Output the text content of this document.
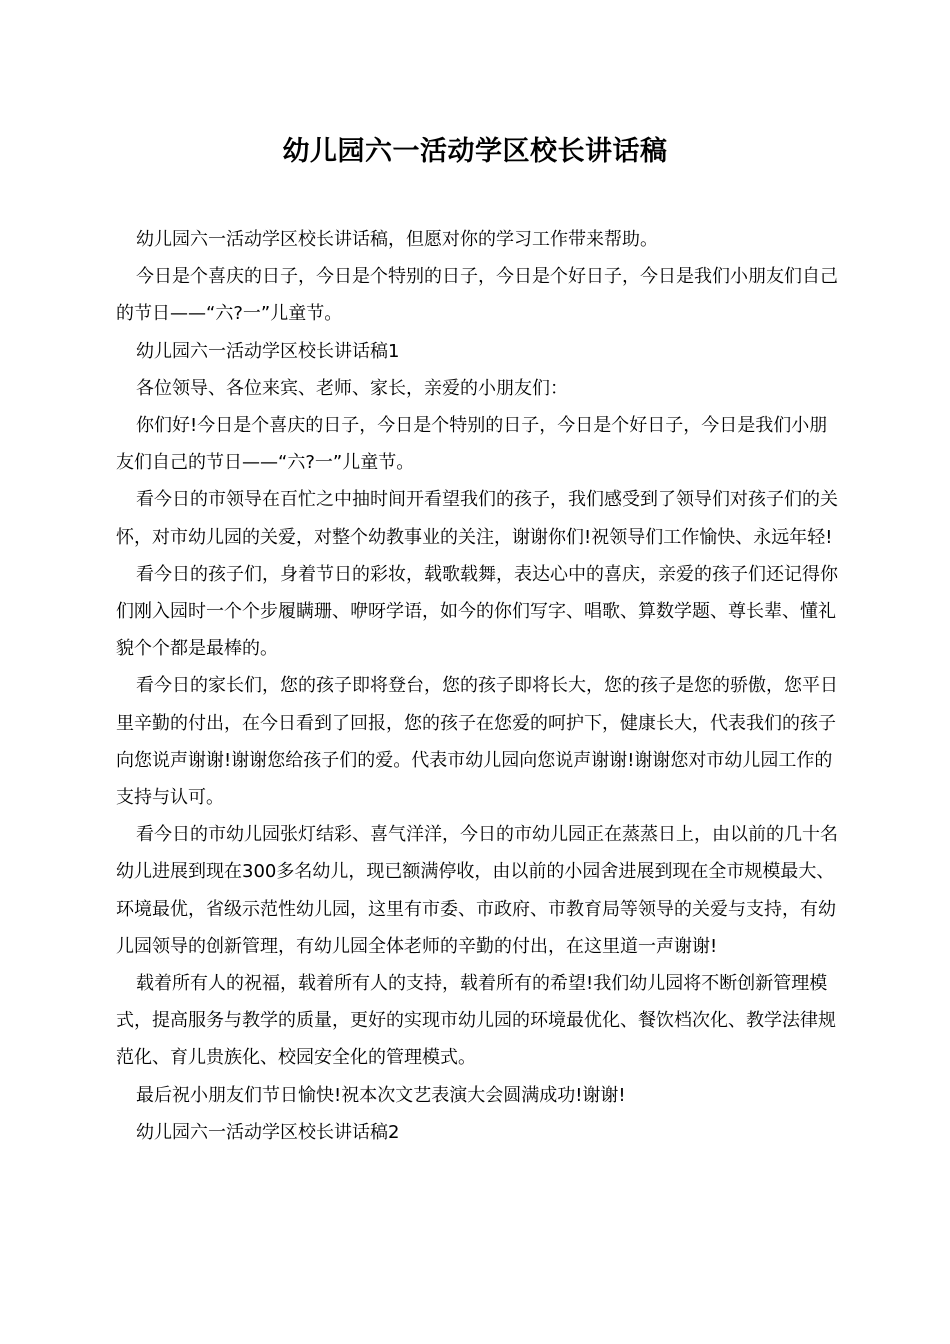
幼儿园六一活动学区校长讲话稿

幼儿园六一活动学区校长讲话稿，但愿对你的学习工作带来帮助。

今日是个喜庆的日子，今日是个特别的日子，今日是个好日子，今日是我们小朋友们自己的节日——“六?一”儿童节。

幼儿园六一活动学区校长讲话稿1

各位领导、各位来宾、老师、家长，亲爱的小朋友们：

你们好!今日是个喜庆的日子，今日是个特别的日子，今日是个好日子，今日是我们小朋友们自己的节日——“六?一”儿童节。

看今日的市领导在百忙之中抽时间开看望我们的孩子，我们感受到了领导们对孩子们的关怀，对市幼儿园的关爱，对整个幼教事业的关注，谢谢你们!祝领导们工作愉快、永远年轻!

看今日的孩子们，身着节日的彩妆，载歌载舞，表达心中的喜庆，亲爱的孩子们还记得你们刚入园时一个个步履瞒珊、咿呀学语，如今的你们写字、唱歌、算数学题、尊长辈、懂礼貌个个都是最棒的。

看今日的家长们，您的孩子即将登台，您的孩子即将长大，您的孩子是您的骄傲，您平日里辛勤的付出，在今日看到了回报，您的孩子在您爱的呵护下，健康长大，代表我们的孩子向您说声谢谢!谢谢您给孩子们的爱。代表市幼儿园向您说声谢谢!谢谢您对市幼儿园工作的支持与认可。

看今日的市幼儿园张灯结彩、喜气洋洋，今日的市幼儿园正在蒸蒸日上，由以前的几十名幼儿进展到现在300多名幼儿，现已额满停收，由以前的小园舍进展到现在全市规模最大、环境最优，省级示范性幼儿园，这里有市委、市政府、市教育局等领导的关爱与支持，有幼儿园领导的创新管理，有幼儿园全体老师的辛勤的付出，在这里道一声谢谢!

载着所有人的祝福，载着所有人的支持，载着所有的希望!我们幼儿园将不断创新管理模式，提高服务与教学的质量，更好的实现市幼儿园的环境最优化、餐饮档次化、教学法律规范化、育儿贵族化、校园安全化的管理模式。

最后祝小朋友们节日愉快!祝本次文艺表演大会圆满成功!谢谢!

幼儿园六一活动学区校长讲话稿2
